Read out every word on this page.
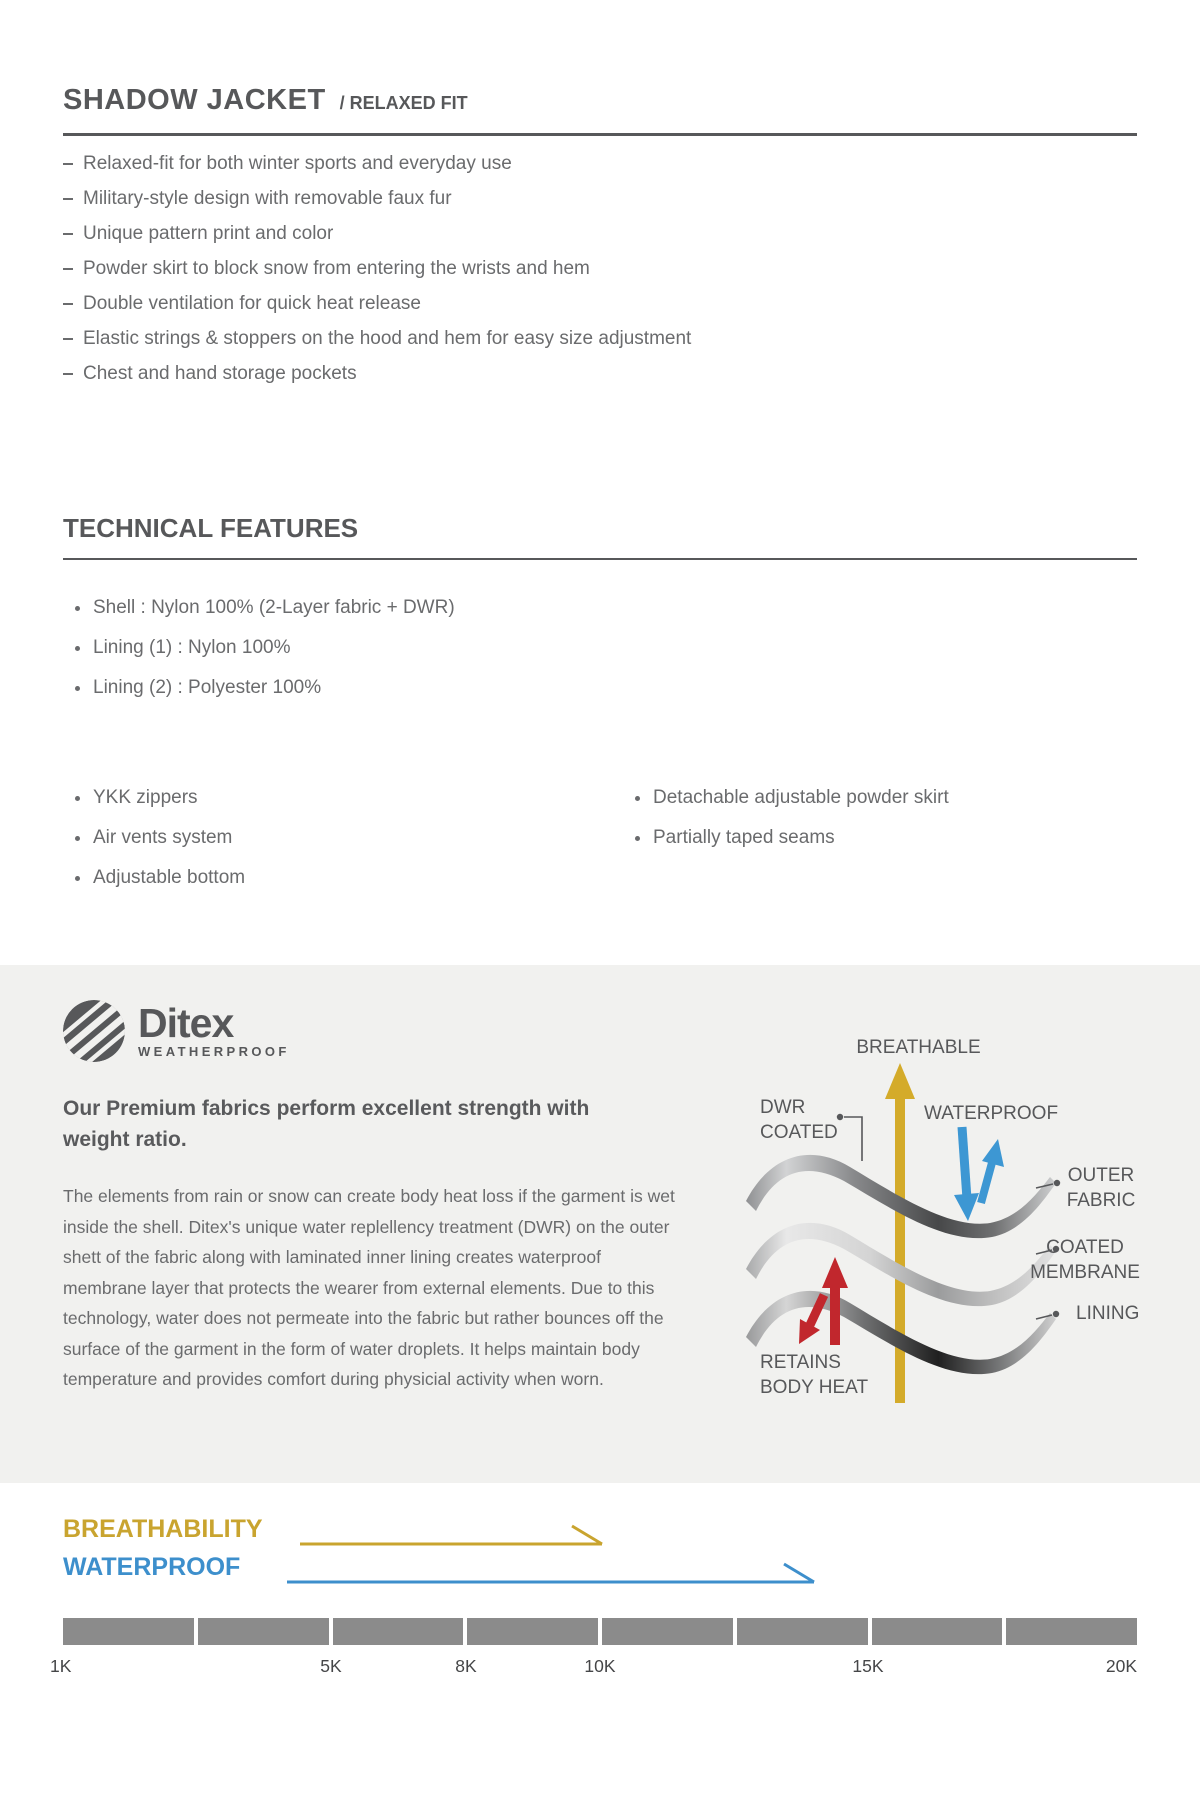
SHADOW JACKET / RELAXED FIT
Relaxed-fit for both winter sports and everyday use
Military-style design with removable faux fur
Unique pattern print and color
Powder skirt to block snow from entering the wrists and hem
Double ventilation for quick heat release
Elastic strings & stoppers on the hood and hem for easy size adjustment
Chest and hand storage pockets
TECHNICAL FEATURES
Shell : Nylon 100% (2-Layer fabric + DWR)
Lining (1) : Nylon 100%
Lining (2) : Polyester 100%
YKK zippers
Air vents system
Adjustable bottom
Detachable adjustable powder skirt
Partially taped seams
Ditex
WEATHERPROOF
Our Premium fabrics perform excellent strength with weight ratio.
The elements from rain or snow can create body heat loss if the garment is wet inside the shell. Ditex's unique water replellency treatment (DWR) on the outer shett of the fabric along with laminated inner lining creates waterproof membrane layer that protects the wearer from external elements. Due to this technology, water does not permeate into the fabric but rather bounces off the surface of the garment in the form of water droplets. It helps maintain body temperature and provides comfort during physicial activity when worn.
BREATHABLE
DWR
COATED
WATERPROOF
OUTER
FABRIC
COATED
MEMBRANE
LINING
RETAINS
BODY HEAT
BREATHABILITY
WATERPROOF
1K	5K	8K	10K	15K	20K
